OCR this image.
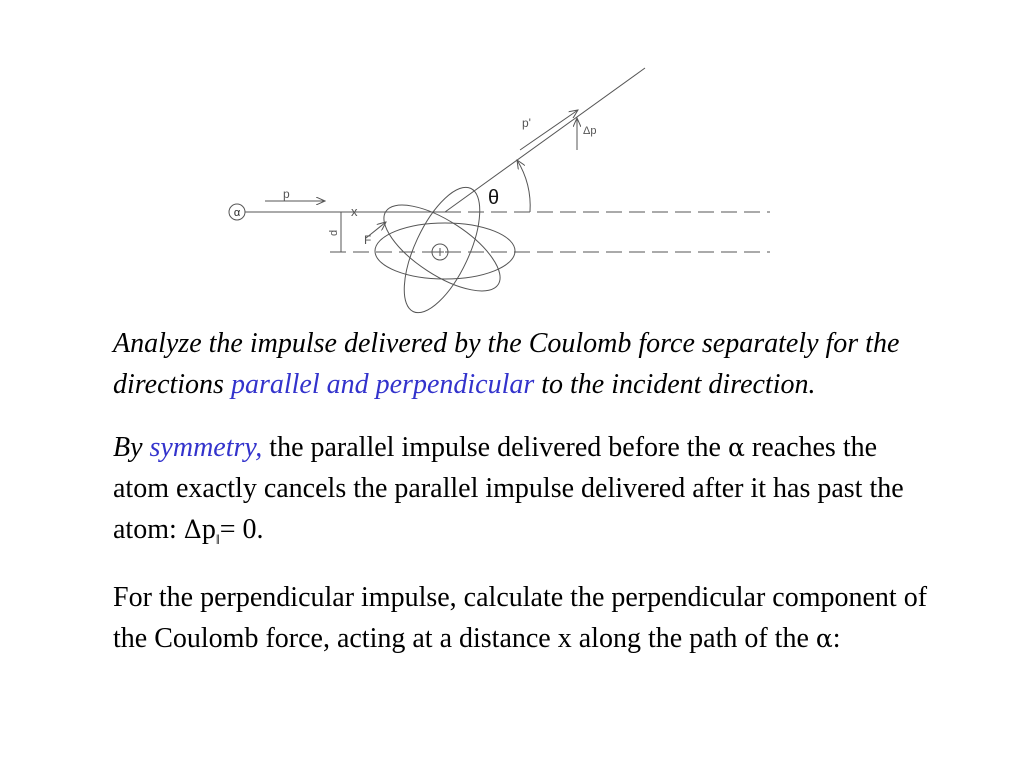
α
p
d
x
F
p'
Δp
θ

Analyze the impulse delivered by the Coulomb force separately for the directions parallel and perpendicular to the incident direction.

By symmetry, the parallel impulse delivered before the α reaches the atom exactly cancels the parallel impulse delivered after it has past the atom: $\Delta p_‖= 0$.

For the perpendicular impulse, calculate the perpendicular component of the Coulomb force, acting at a distance x along the path of the α:
